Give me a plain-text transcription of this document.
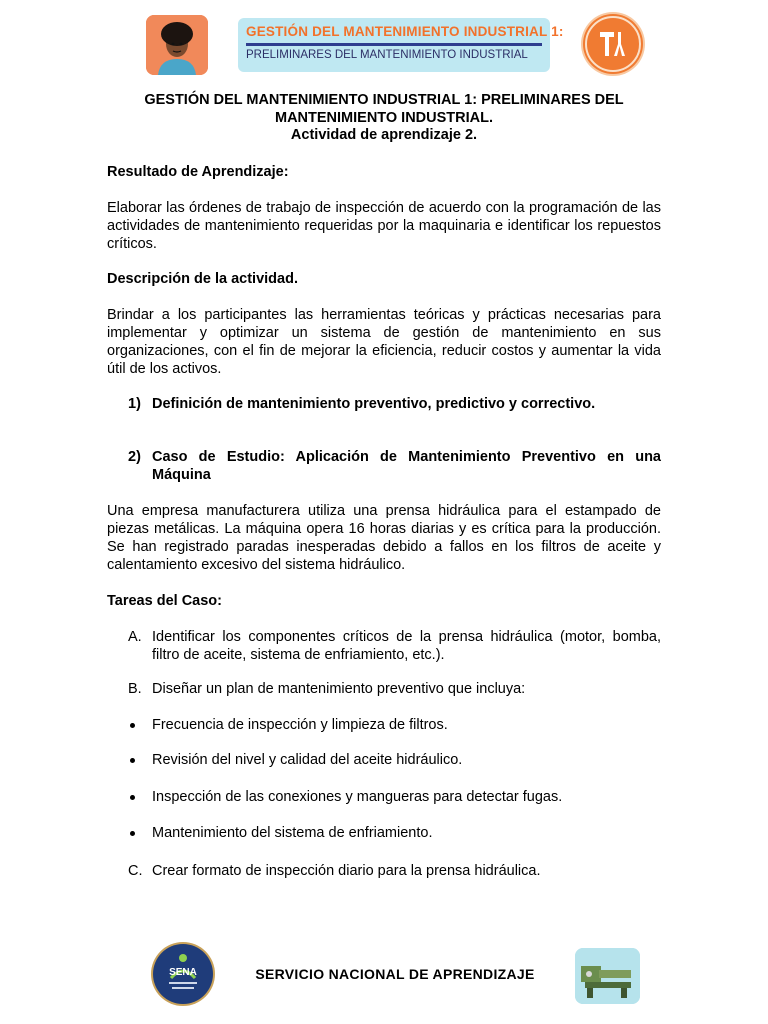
GESTIÓN DEL MANTENIMIENTO INDUSTRIAL 1:
PRELIMINARES DEL MANTENIMIENTO INDUSTRIAL
GESTIÓN DEL MANTENIMIENTO INDUSTRIAL 1: PRELIMINARES DEL
MANTENIMIENTO INDUSTRIAL.
Actividad de aprendizaje 2.
Resultado de Aprendizaje:
Elaborar las órdenes de trabajo de inspección de acuerdo con la programación de las actividades de mantenimiento requeridas por la maquinaria e identificar los repuestos críticos.
Descripción de la actividad.
Brindar a los participantes las herramientas teóricas y prácticas necesarias para implementar y optimizar un sistema de gestión de mantenimiento en sus organizaciones, con el fin de mejorar la eficiencia, reducir costos y aumentar la vida útil de los activos.
1) Definición de mantenimiento preventivo, predictivo y correctivo.
2) Caso de Estudio: Aplicación de Mantenimiento Preventivo en una Máquina
Una empresa manufacturera utiliza una prensa hidráulica para el estampado de piezas metálicas. La máquina opera 16 horas diarias y es crítica para la producción. Se han registrado paradas inesperadas debido a fallos en los filtros de aceite y calentamiento excesivo del sistema hidráulico.
Tareas del Caso:
A. Identificar los componentes críticos de la prensa hidráulica (motor, bomba, filtro de aceite, sistema de enfriamiento, etc.).
B. Diseñar un plan de mantenimiento preventivo que incluya:
Frecuencia de inspección y limpieza de filtros.
Revisión del nivel y calidad del aceite hidráulico.
Inspección de las conexiones y mangueras para detectar fugas.
Mantenimiento del sistema de enfriamiento.
C. Crear formato de inspección diario para la prensa hidráulica.
SENA	SERVICIO NACIONAL DE APRENDIZAJE
